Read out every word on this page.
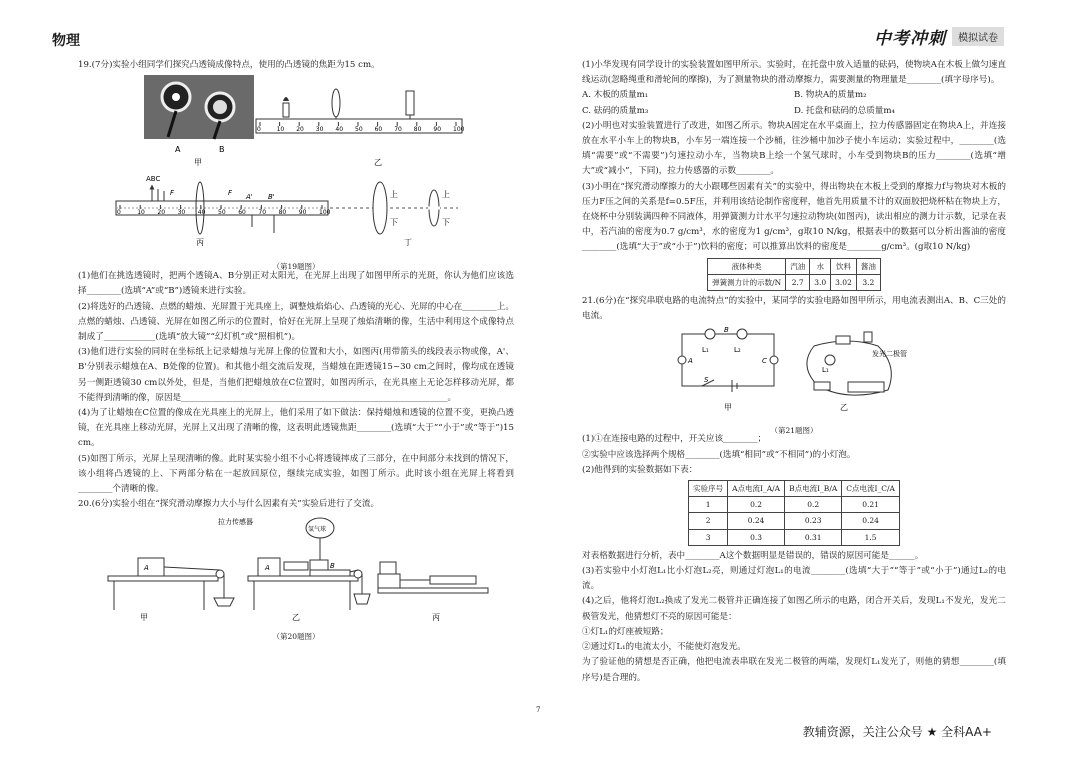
物理	中考冲刺	模拟试卷

19.(7分)实验小组同学们探究凸透镜成像特点，使用的凸透镜的焦距为15 cm。

A	B
甲
0	10 20 30 40 50 60 70 80 90 100
乙
0	10 20 30 40 50 60 70 80 90 100
ABC
F	F A' B'
丙
上
下
上
下
丁
（第19题图）

(1)他们在挑选透镜时，把两个透镜A、B分别正对太阳光，在光屏上出现了如图甲所示的光斑，你认为他们应该选择________(选填“A”或“B”)透镜来进行实验。

(2)将选好的凸透镜、点燃的蜡烛、光屏置于光具座上，调整烛焰焰心、凸透镜的光心、光屏的中心在________上。点燃的蜡烛、凸透镜、光屏在如图乙所示的位置时，恰好在光屏上呈现了烛焰清晰的像，生活中利用这个成像特点制成了____________(选填“放大镜”“幻灯机”或“照相机”)。

(3)他们进行实验的同时在坐标纸上记录蜡烛与光屏上像的位置和大小，如图丙(用带箭头的线段表示物或像，A'、B'分别表示蜡烛在A、B处像的位置)。和其他小组交流后发现，当蜡烛在距透镜15~30 cm之间时，像均成在透镜另一侧距透镜30 cm以外处，但是，当他们把蜡烛放在C位置时，如图丙所示，在光具座上无论怎样移动光屏，都不能得到清晰的像，原因是______________________________________________________________。

(4)为了让蜡烛在C位置的像成在光具座上的光屏上，他们采用了如下做法：保持蜡烛和透镜的位置不变，更换凸透镜，在光具座上移动光屏，光屏上又出现了清晰的像，这表明此透镜焦距________(选填“大于”“小于”或“等于”)15 cm。

(5)如图丁所示，光屏上呈现清晰的像。此时某实验小组不小心将透镜摔成了三部分，在中间部分未找到的情况下，该小组将凸透镜的上、下两部分粘在一起放回原位，继续完成实验，如图丁所示。此时该小组在光屏上将看到________个清晰的像。

20.(6分)实验小组在“探究滑动摩擦力大小与什么因素有关”实验后进行了交流。

A
拉力传感器
氢气球
A	B
甲	乙	丙
（第20题图）

(1)小华发现有同学设计的实验装置如图甲所示。实验时，在托盘中放入适量的砝码，使物块A在木板上做匀速直线运动(忽略绳重和滑轮间的摩擦)，为了测量物块的滑动摩擦力，需要测量的物理量是________(填字母序号)。

A. 木板的质量m₁	B. 物块A的质量m₂
C. 砝码的质量m₃	D. 托盘和砝码的总质量m₄

(2)小明也对实验装置进行了改进，如图乙所示。物块A固定在水平桌面上，拉力传感器固定在物块A上，并连接放在水平小车上的物块B，小车另一端连接一个沙桶，往沙桶中加沙子使小车运动；实验过程中，________(选填“需要”或“不需要”)匀速拉动小车，当物块B上绘一个氢气球时，小车受到物块B的压力________(选填“增大”或“减小”，下同)，拉力传感器的示数________。

(3)小明在“探究滑动摩擦力的大小跟哪些因素有关”的实验中，得出物块在木板上受到的摩擦力f与物块对木板的压力F压之间的关系是f=0.5F压，并利用该结论制作密度秤，他首先用质量不计的双面胶把烧杯粘在物块上方，在烧杯中分别装满四种不同液体，用弹簧测力计水平匀速拉动物块(如图丙)，读出相应的测力计示数，记录在表中，若汽油的密度为0.7 g/cm³，水的密度为1 g/cm³，g取10 N/kg，根据表中的数据可以分析出酱油的密度________(选填“大于”或“小于”)饮料的密度；可以推算出饮料的密度是________g/cm³。(g取10 N/kg)

液体种类	汽油	水	饮料	酱油
弹簧测力计的示数/N	2.7	3.0	3.02	3.2

21.(6分)在“探究串联电路的电流特点”的实验中，某同学的实验电路如图甲所示，用电流表测出A、B、C三处的电流。

L₁	L₂
B
A	C
S
甲
发光二极管
L₁
乙
（第21题图）

(1)①在连接电路的过程中，开关应该________；

②实验中应该选择两个规格________(选填“相同”或“不相同”)的小灯泡。

(2)他得到的实验数据如下表：

实验序号	A点电流I_A/A	B点电流I_B/A	C点电流I_C/A
1	0.2	0.2	0.21
2	0.24	0.23	0.24
3	0.3	0.31	1.5

对表格数据进行分析，表中________A这个数据明显是错误的，错误的原因可能是______。

(3)若实验中小灯泡L₁比小灯泡L₂亮，则通过灯泡L₁的电流________(选填“大于”“等于”或“小于”)通过L₂的电流。

(4)之后，他将灯泡L₂换成了发光二极管并正确连接了如图乙所示的电路，闭合开关后，发现L₁不发光，发光二极管发光，他猜想灯不亮的原因可能是：

①灯L₁的灯座被短路；

②通过灯L₁的电流太小，不能使灯泡发光。

为了验证他的猜想是否正确，他把电流表串联在发光二极管的两端，发现灯L₁发光了，则他的猜想________(填序号)是合理的。

7
教辅资源，关注公众号 ★ 全科AA+
